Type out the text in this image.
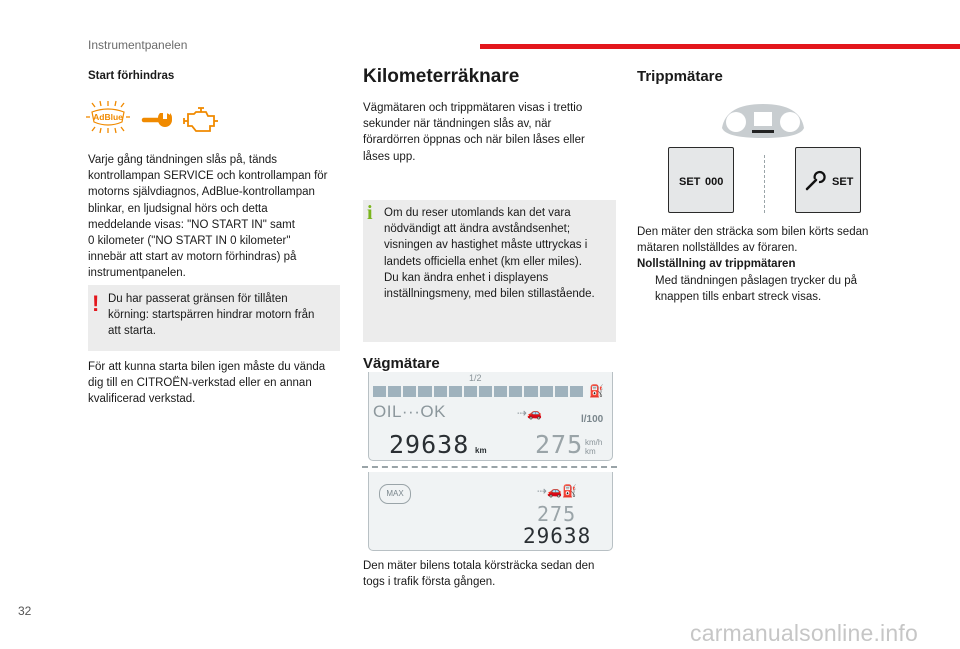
Instrumentpanelen
Start förhindras
AdBlue
Varje gång tändningen slås på, tänds
kontrollampan SERVICE och kontrollampan för
motorns självdiagnos, AdBlue-kontrollampan
blinkar, en ljudsignal hörs och detta
meddelande visas: "NO START IN" samt
0 kilometer ("NO START IN 0 kilometer"
innebär att start av motorn förhindras) på
instrumentpanelen.
! Du har passerat gränsen för tillåten
körning: startspärren hindrar motorn från
att starta.
För att kunna starta bilen igen måste du vända
dig till en CITROËN-verkstad eller en annan
kvalificerad verkstad.
Kilometerräknare
Vägmätaren och trippmätaren visas i trettio
sekunder när tändningen slås av, när
förardörren öppnas och när bilen låses eller
låses upp.
i Om du reser utomlands kan det vara
nödvändigt att ändra avståndsenhet;
visningen av hastighet måste uttryckas i
landets officiella enhet (km eller miles).
Du kan ändra enhet i displayens
inställningsmeny, med bilen stillastående.
Vägmätare
1/2
⛽
OIL···OK	⇢🚗	l/100
29638 km 275 km/h
km
MAX	⇢🚗⛽
275
29638
Den mäter bilens totala körsträcka sedan den
togs i trafik första gången.
Trippmätare
SET 000	SET
Den mäter den sträcka som bilen körts sedan
mätaren nollställdes av föraren.
Nollställning av trippmätaren
Med tändningen påslagen trycker du på
knappen tills enbart streck visas.
32
carmanualsonline.info
